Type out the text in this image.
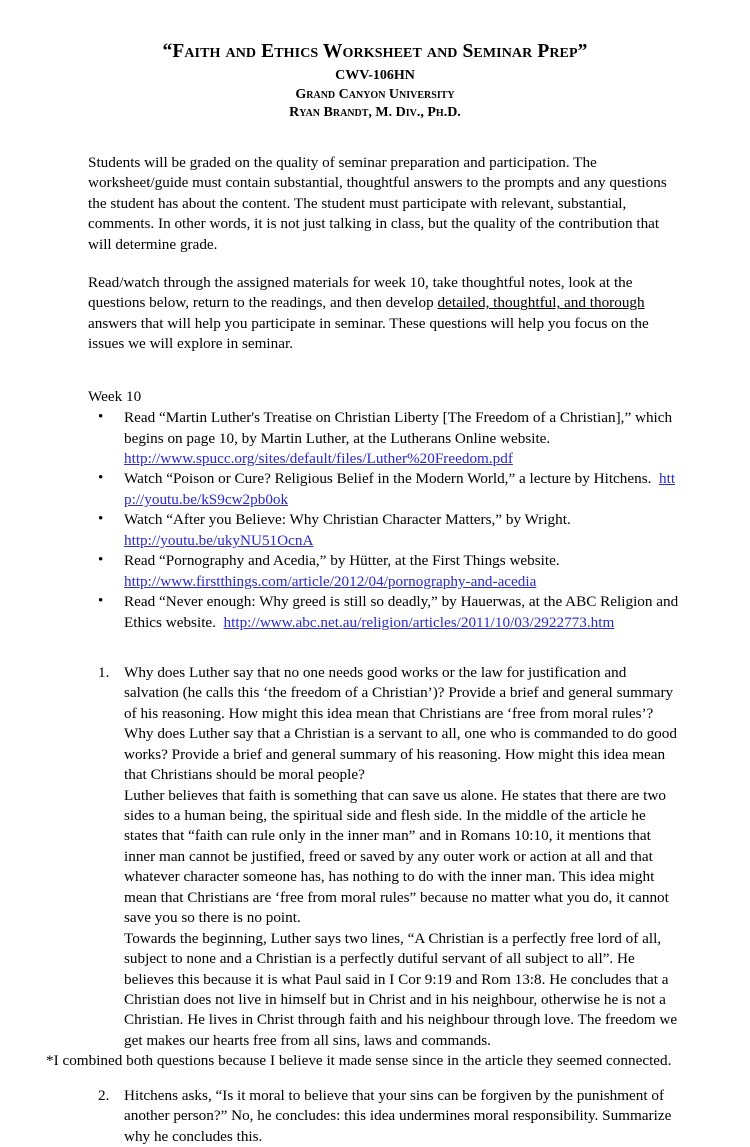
“Faith and Ethics Worksheet and Seminar Prep”
CWV-106HN
Grand Canyon University
Ryan Brandt, M. Div., Ph.D.

Students will be graded on the quality of seminar preparation and participation. The worksheet/guide must contain substantial, thoughtful answers to the prompts and any questions the student has about the content. The student must participate with relevant, substantial, comments. In other words, it is not just talking in class, but the quality of the contribution that will determine grade.

Read/watch through the assigned materials for week 10, take thoughtful notes, look at the questions below, return to the readings, and then develop detailed, thoughtful, and thorough answers that will help you participate in seminar. These questions will help you focus on the issues we will explore in seminar.

Week 10
• Read “Martin Luther's Treatise on Christian Liberty [The Freedom of a Christian],” which begins on page 10, by Martin Luther, at the Lutherans Online website.
http://www.spucc.org/sites/default/files/Luther%20Freedom.pdf
• Watch “Poison or Cure? Religious Belief in the Modern World,” a lecture by Hitchens. http://youtu.be/kS9cw2pb0ok
• Watch “After you Believe: Why Christian Character Matters,” by Wright.
http://youtu.be/ukyNU51OcnA
• Read “Pornography and Acedia,” by Hütter, at the First Things website.
http://www.firstthings.com/article/2012/04/pornography-and-acedia
• Read “Never enough: Why greed is still so deadly,” by Hauerwas, at the ABC Religion and Ethics website. http://www.abc.net.au/religion/articles/2011/10/03/2922773.htm
1. Why does Luther say that no one needs good works or the law for justification and salvation (he calls this ‘the freedom of a Christian’)? Provide a brief and general summary of his reasoning. How might this idea mean that Christians are ‘free from moral rules’?
Why does Luther say that a Christian is a servant to all, one who is commanded to do good works? Provide a brief and general summary of his reasoning. How might this idea mean that Christians should be moral people?
Luther believes that faith is something that can save us alone. He states that there are two sides to a human being, the spiritual side and flesh side. In the middle of the article he states that “faith can rule only in the inner man” and in Romans 10:10, it mentions that inner man cannot be justified, freed or saved by any outer work or action at all and that whatever character someone has, has nothing to do with the inner man. This idea might mean that Christians are ‘free from moral rules” because no matter what you do, it cannot save you so there is no point.
Towards the beginning, Luther says two lines, “A Christian is a perfectly free lord of all, subject to none and a Christian is a perfectly dutiful servant of all subject to all”. He believes this because it is what Paul said in I Cor 9:19 and Rom 13:8. He concludes that a Christian does not live in himself but in Christ and in his neighbour, otherwise he is not a Christian. He lives in Christ through faith and his neighbour through love. The freedom we get makes our hearts free from all sins, laws and commands.

*I combined both questions because I believe it made sense since in the article they seemed connected.

2. Hitchens asks, “Is it moral to believe that your sins can be forgiven by the punishment of another person?” No, he concludes: this idea undermines moral responsibility. Summarize why he concludes this.
